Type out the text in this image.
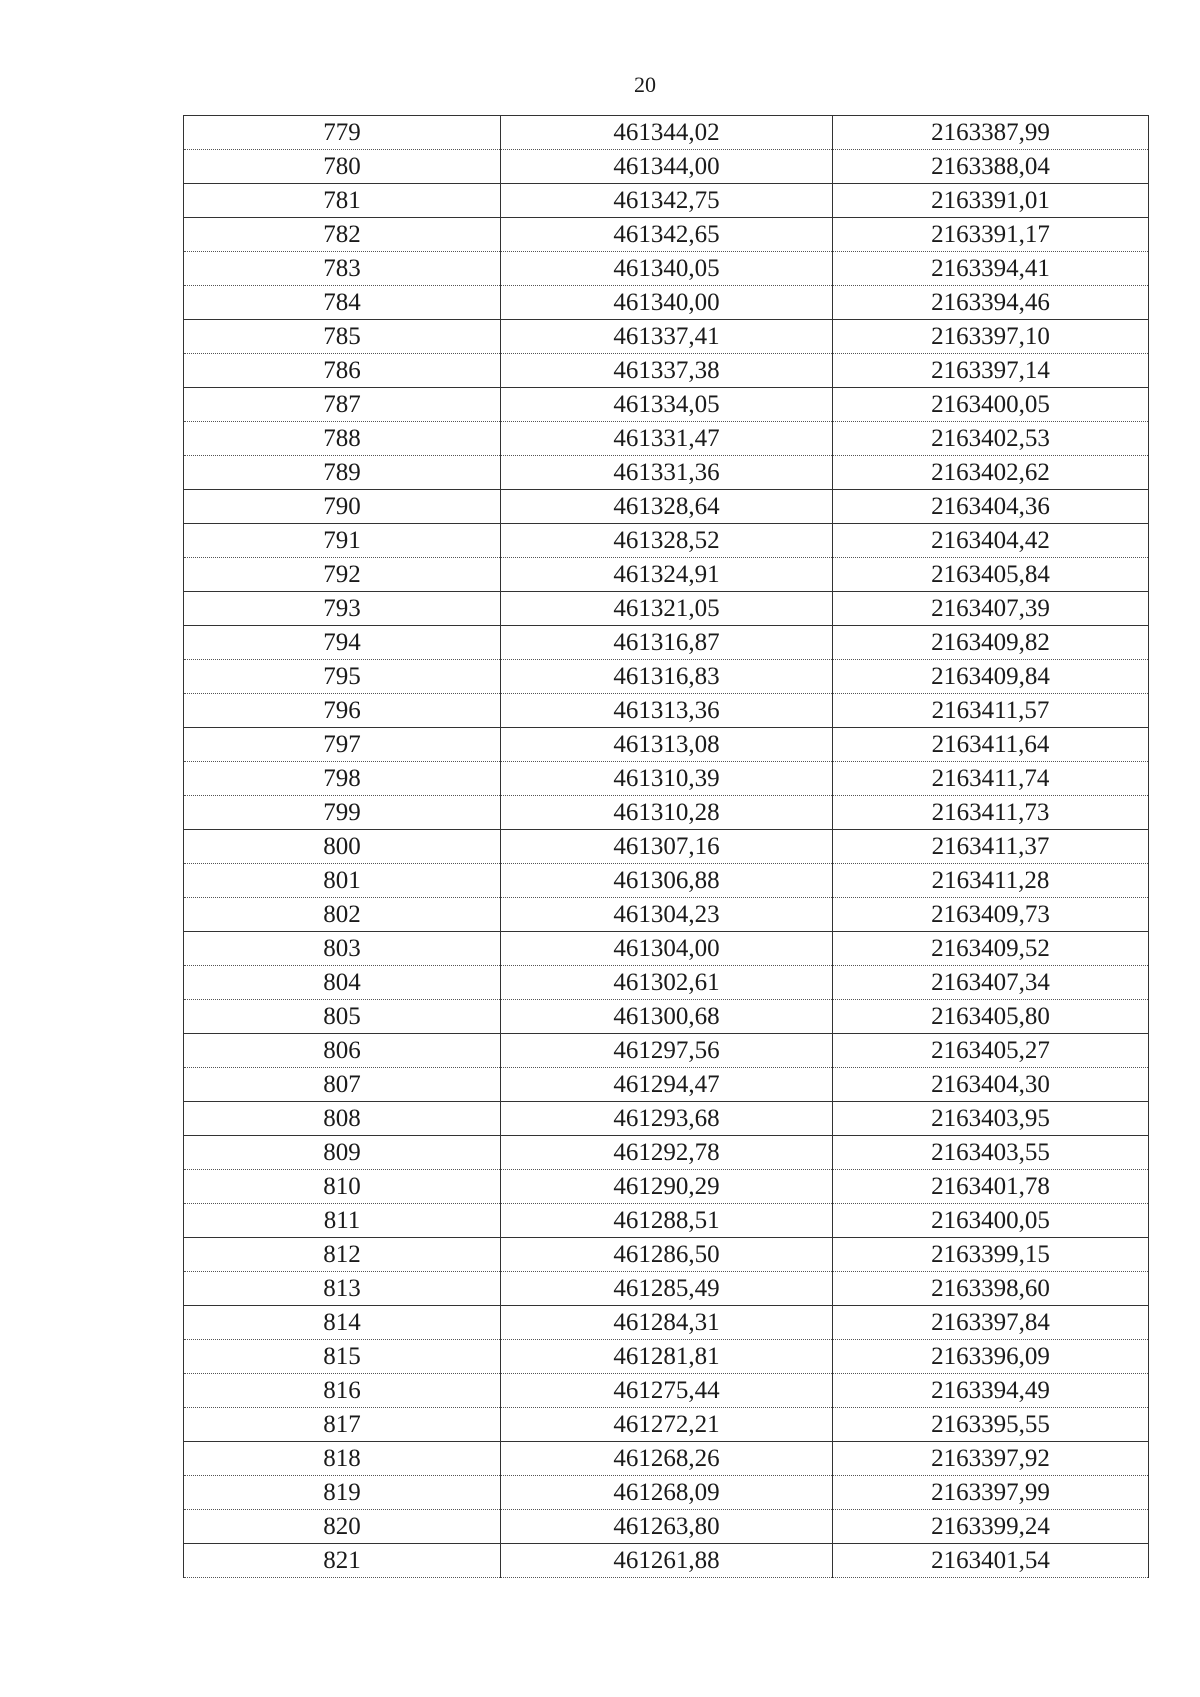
20
779	461344,02	2163387,99
780	461344,00	2163388,04
781	461342,75	2163391,01
782	461342,65	2163391,17
783	461340,05	2163394,41
784	461340,00	2163394,46
785	461337,41	2163397,10
786	461337,38	2163397,14
787	461334,05	2163400,05
788	461331,47	2163402,53
789	461331,36	2163402,62
790	461328,64	2163404,36
791	461328,52	2163404,42
792	461324,91	2163405,84
793	461321,05	2163407,39
794	461316,87	2163409,82
795	461316,83	2163409,84
796	461313,36	2163411,57
797	461313,08	2163411,64
798	461310,39	2163411,74
799	461310,28	2163411,73
800	461307,16	2163411,37
801	461306,88	2163411,28
802	461304,23	2163409,73
803	461304,00	2163409,52
804	461302,61	2163407,34
805	461300,68	2163405,80
806	461297,56	2163405,27
807	461294,47	2163404,30
808	461293,68	2163403,95
809	461292,78	2163403,55
810	461290,29	2163401,78
811	461288,51	2163400,05
812	461286,50	2163399,15
813	461285,49	2163398,60
814	461284,31	2163397,84
815	461281,81	2163396,09
816	461275,44	2163394,49
817	461272,21	2163395,55
818	461268,26	2163397,92
819	461268,09	2163397,99
820	461263,80	2163399,24
821	461261,88	2163401,54
